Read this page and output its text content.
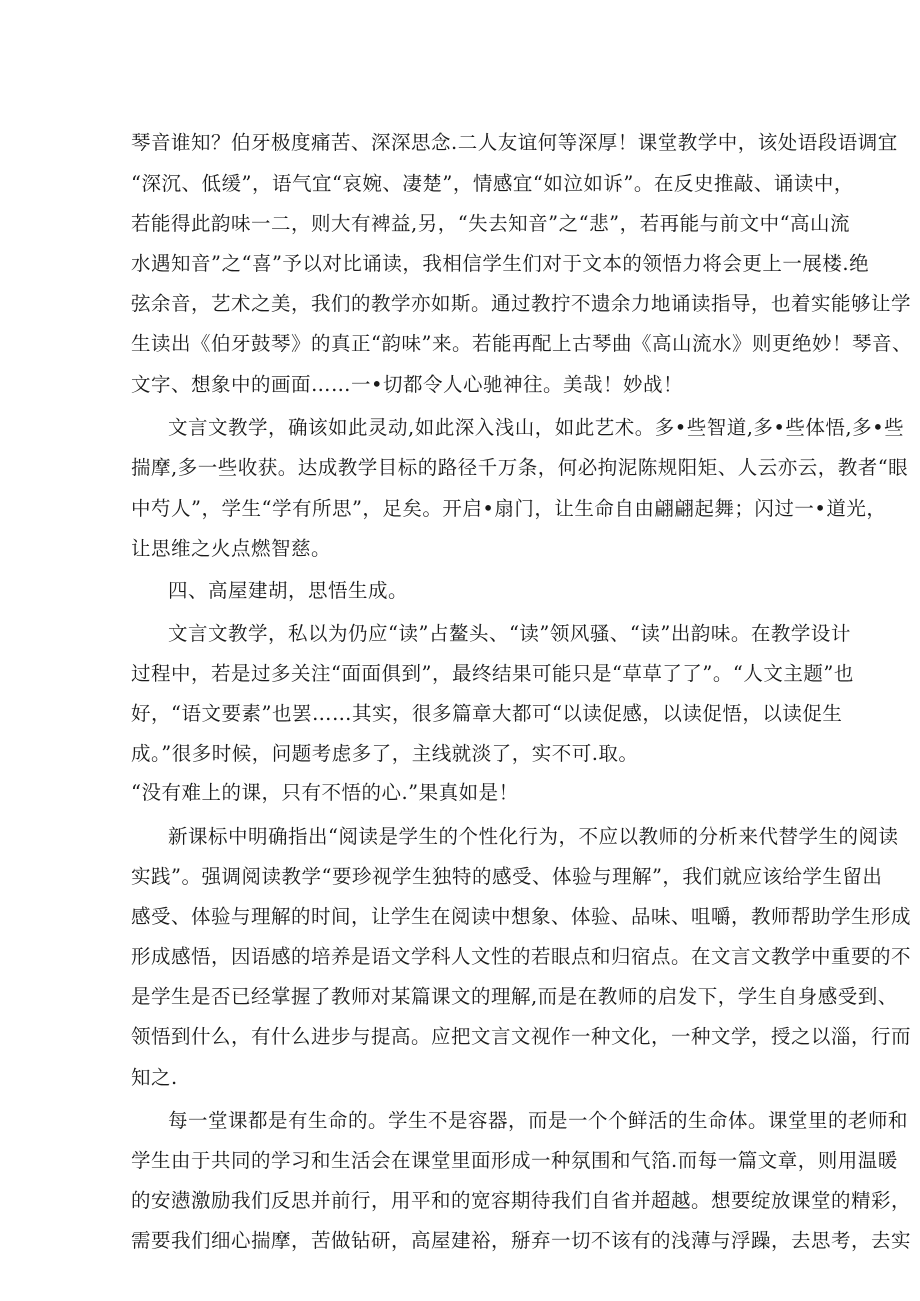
琴音谁知？伯牙极度痛苦、深深思念.二人友谊何等深厚！课堂教学中，该处语段语调宜
“深沉、低缓”，语气宜“哀婉、凄楚”，情感宜“如泣如诉”。在反史推敲、诵读中，
若能得此韵味一二，则大有裨益,另，“失去知音”之“悲”，若再能与前文中“高山流
水遇知音”之“喜”予以对比诵读，我相信学生们对于文本的领悟力将会更上一展楼.绝
弦余音，艺术之美，我们的教学亦如斯。通过教拧不遗余力地诵读指导，也着实能够让学
生读出《伯牙鼓琴》的真正“韵味”来。若能再配上古琴曲《高山流水》则更绝妙！琴音、
文字、想象中的画面……一•切都令人心驰神往。美哉！妙战！
文言文教学，确该如此灵动,如此深入浅山，如此艺术。多•些智道,多•些体悟,多•些
揣摩,多一些收获。达成教学目标的路径千万条，何必拘泥陈规阳矩、人云亦云，教者“眼
中芍人”，学生“学有所思”，足矣。开启•扇门，让生命自由翩翩起舞；闪过一•道光，
让思维之火点燃智慈。
四、高屋建胡，思悟生成。
文言文教学，私以为仍应“读”占鳌头、“读”领风骚、“读”出韵味。在教学设计
过程中，若是过多关注“面面俱到”，最终结果可能只是“草草了了”。“人文主题”也
好，“语文要素”也罢……其实，很多篇章大都可“以读促感，以读促悟，以读促生
成。”很多时候，问题考虑多了，主线就淡了，实不可.取。
“没有难上的课，只有不悟的心.”果真如是！
新课标中明确指出“阅读是学生的个性化行为，不应以教师的分析来代替学生的阅读
实践”。强调阅读教学“要珍视学生独特的感受、体验与理解”，我们就应该给学生留出
感受、体验与理解的时间，让学生在阅读中想象、体验、品味、咀嚼，教师帮助学生形成
形成感悟，因语感的培养是语文学科人文性的若眼点和归宿点。在文言文教学中重要的不
是学生是否已经掌握了教师对某篇课文的理解,而是在教师的启发下，学生自身感受到、
领悟到什么，有什么进步与提高。应把文言文视作一种文化，一种文学，授之以淄，行而
知之.
每一堂课都是有生命的。学生不是容器，而是一个个鲜活的生命体。课堂里的老师和
学生由于共同的学习和生活会在课堂里面形成一种氛围和气箔.而每一篇文章，则用温暖
的安懑激励我们反思并前行，用平和的宽容期待我们自省并超越。想要绽放课堂的精彩，
需要我们细心揣摩，苦做钻研，高屋建裕，掰弃一切不该有的浅薄与浮躁，去思考，去实
